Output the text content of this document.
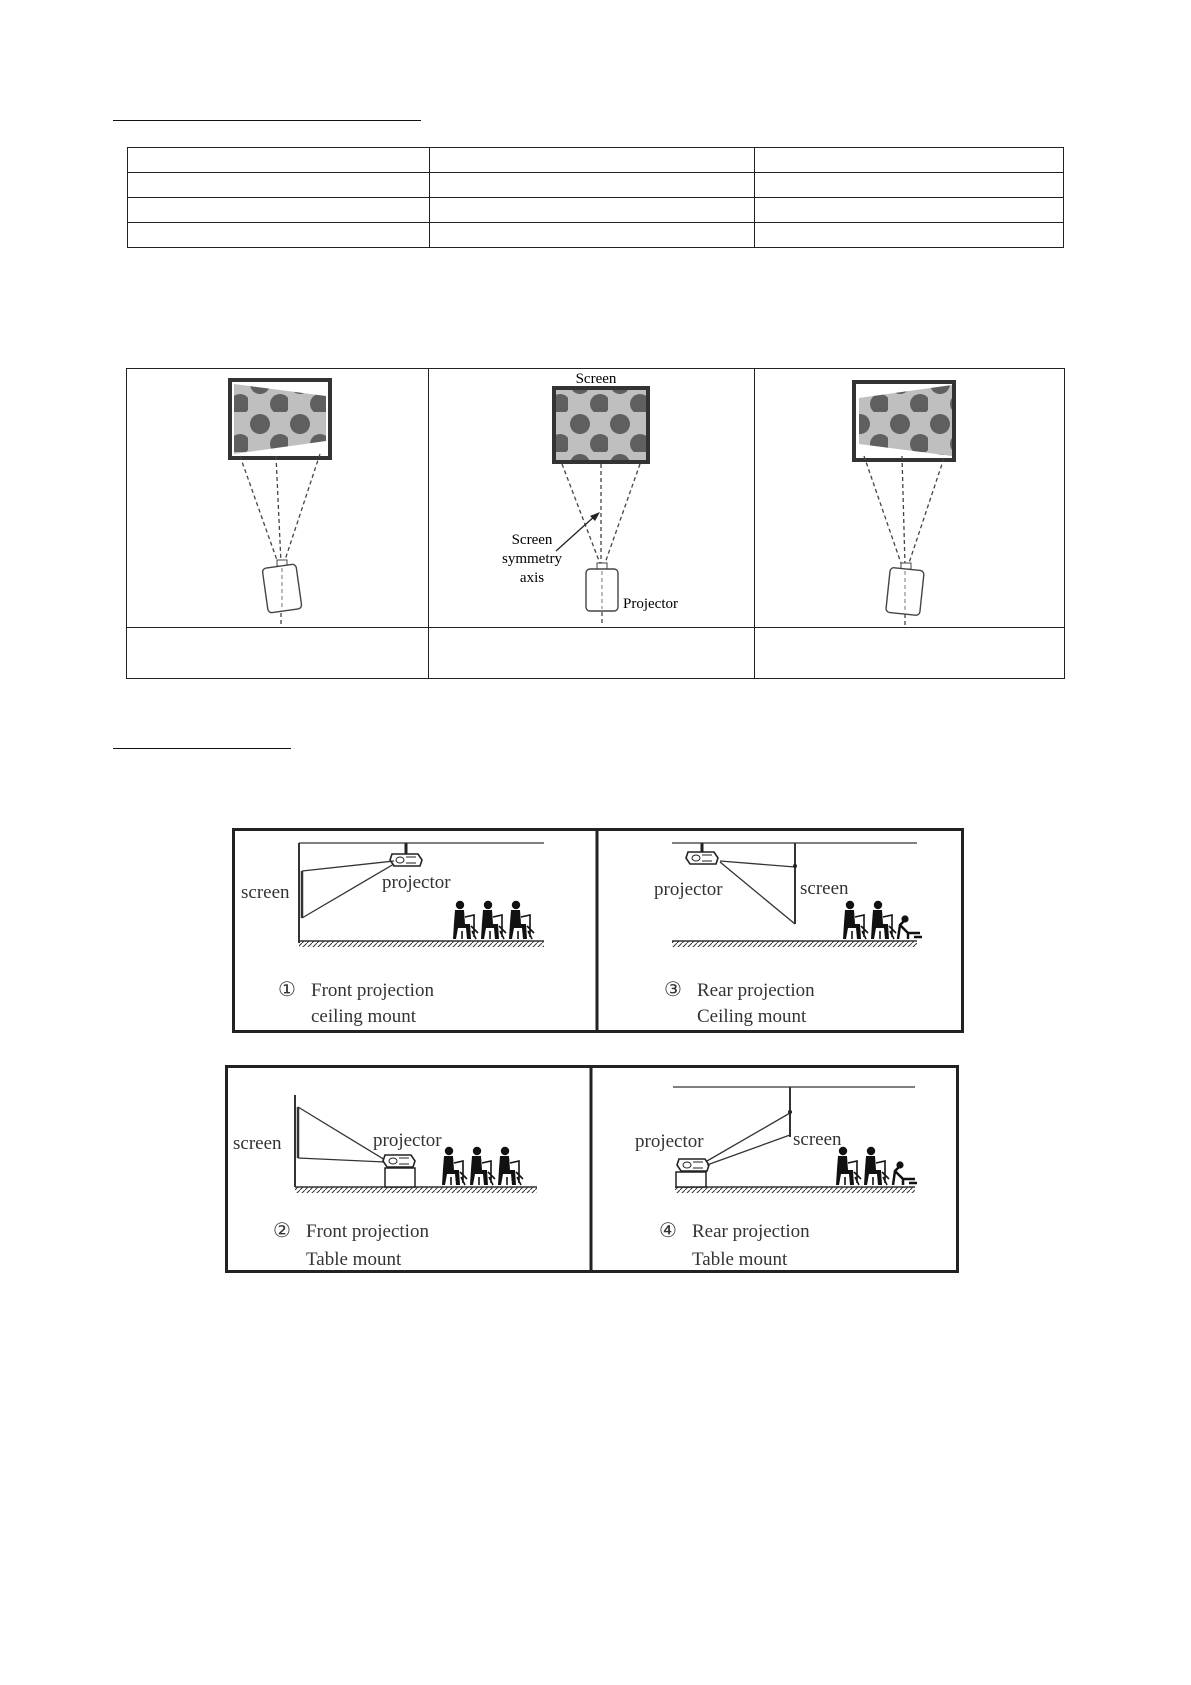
Screen
Screen
symmetry
axis
Projector
screen	projector
① Front projection
ceiling mount
screen
projector
③ Rear projection
Ceiling mount
screen	projector
② Front projection
Table mount
screen
projector
④ Rear projection
Table mount
